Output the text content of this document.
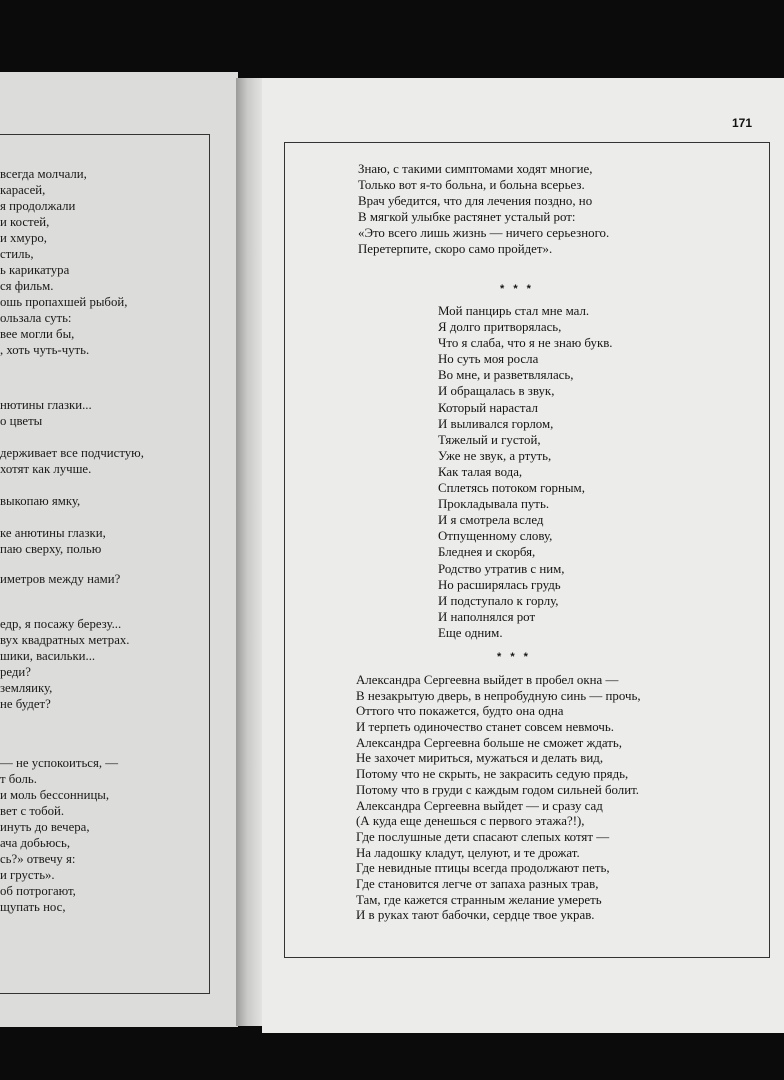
всегда молчали,
карасей,
я продолжали
и костей,
и хмуро,
стиль,
ь карикатура
ся фильм.
ошь пропахшей рыбой,
ользала суть:
вее могли бы,
, хоть чуть-чуть.
нютины глазки...
о цветы
держивает все подчистую,
хотят как лучше.
выкопаю ямку,
ке анютины глазки,
паю сверху, полью
иметров между нами?
едр, я посажу березу...
вух квадратных метрах.
шики, васильки...
реди?
земляику,
не будет?
— не успокоиться, —
т боль.
и моль бессонницы,
вет с тобой.
инуть до вечера,
ача добьюсь,
сь?» отвечу я:
и грусть».
об потрогают,
щупать нос,
171
Знаю, с такими симптомами ходят многие,
Только вот я-то больна, и больна всерьез.
Врач убедится, что для лечения поздно, но
В мягкой улыбке растянет усталый рот:
«Это всего лишь жизнь — ничего серьезного.
Перетерпите, скоро само пройдет».
* * *
Мой панцирь стал мне мал.
Я долго притворялась,
Что я слаба, что я не знаю букв.
Но суть моя росла
Во мне, и разветвлялась,
И обращалась в звук,
Который нарастал
И выливался горлом,
Тяжелый и густой,
Уже не звук, а ртуть,
Как талая вода,
Сплетясь потоком горным,
Прокладывала путь.
И я смотрела вслед
Отпущенному слову,
Бледнея и скорбя,
Родство утратив с ним,
Но расширялась грудь
И подступало к горлу,
И наполнялся рот
Еще одним.
* * *
Александра Сергеевна выйдет в пробел окна —
В незакрытую дверь, в непробудную синь — прочь,
Оттого что покажется, будто она одна
И терпеть одиночество станет совсем невмочь.
Александра Сергеевна больше не сможет ждать,
Не захочет мириться, мужаться и делать вид,
Потому что не скрыть, не закрасить седую прядь,
Потому что в груди с каждым годом сильней болит.
Александра Сергеевна выйдет — и сразу сад
(А куда еще денешься с первого этажа?!),
Где послушные дети спасают слепых котят —
На ладошку кладут, целуют, и те дрожат.
Где невидные птицы всегда продолжают петь,
Где становится легче от запаха разных трав,
Там, где кажется странным желание умереть
И в руках тают бабочки, сердце твое украв.
